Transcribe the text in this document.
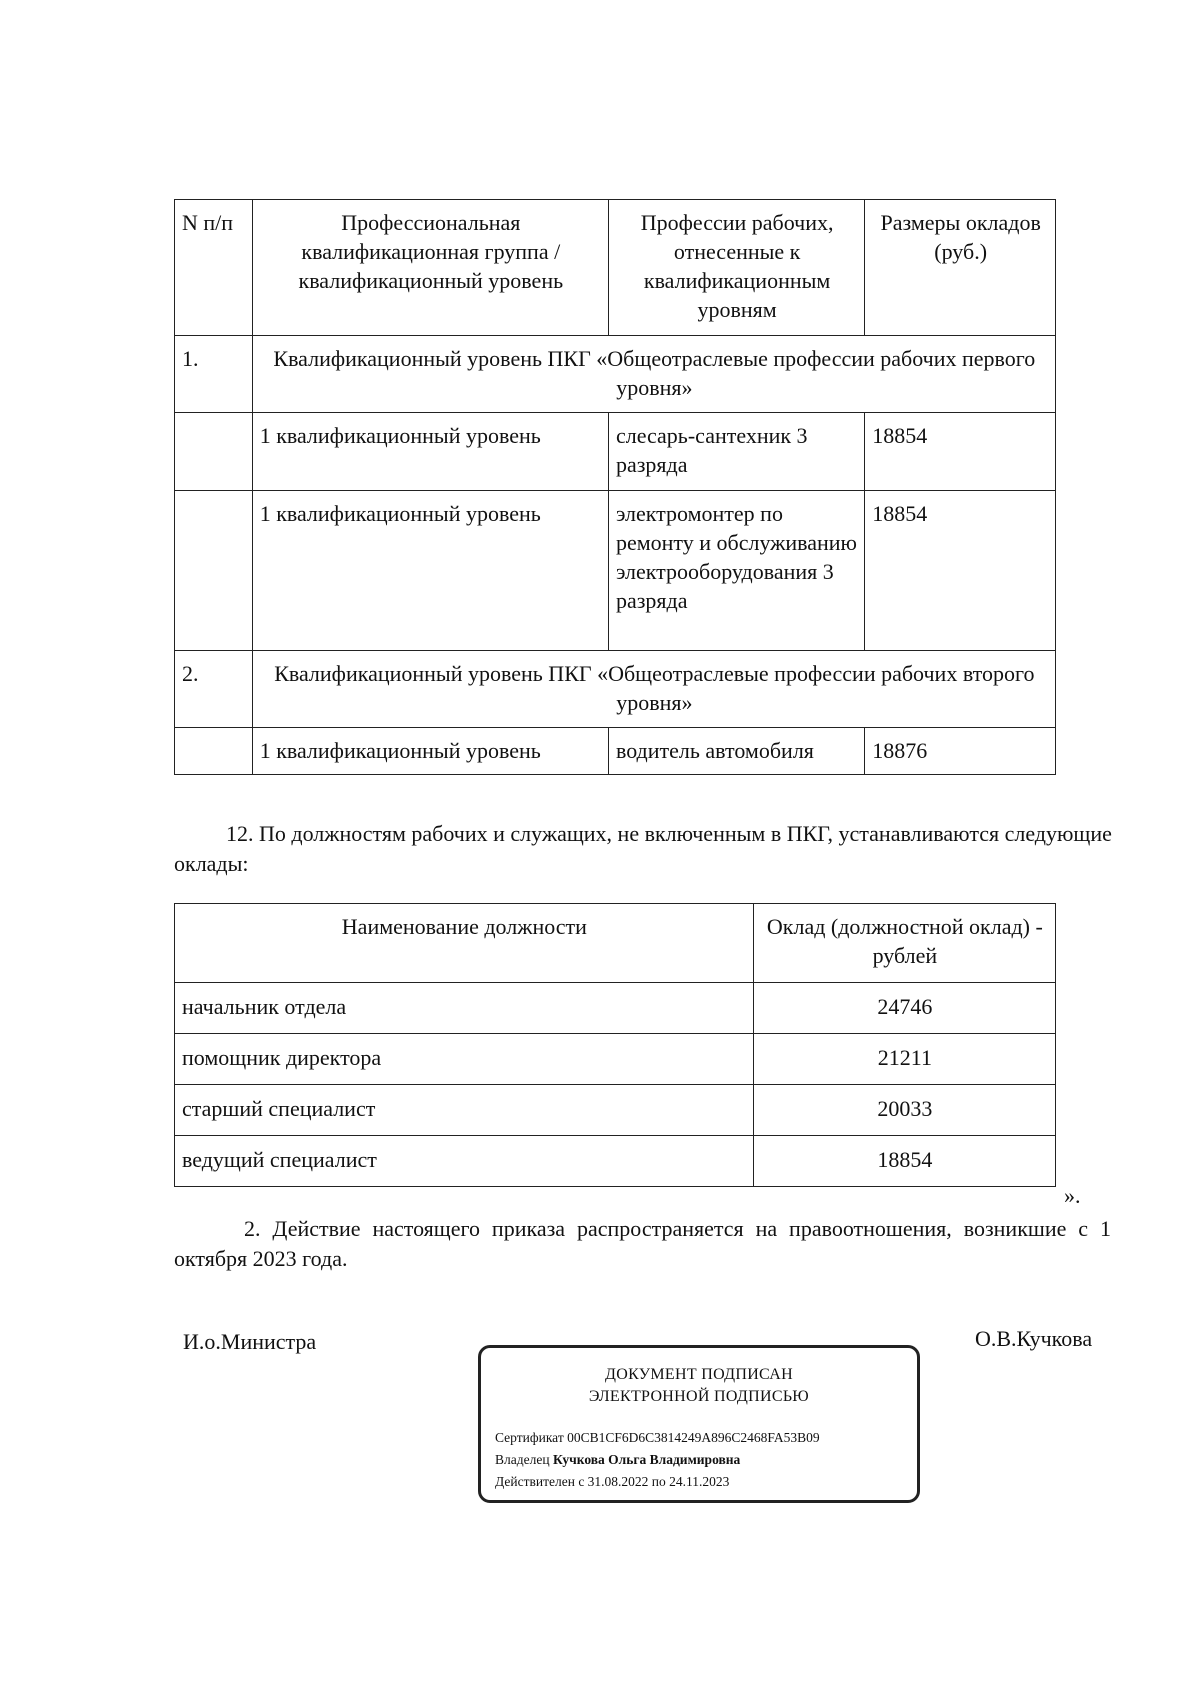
N п/п	Профессиональная квалификационная группа / квалификационный уровень	Профессии рабочих, отнесенные к квалификационным уровням	Размеры окладов (руб.)
1.	Квалификационный уровень ПКГ «Общеотраслевые профессии рабочих первого уровня»		
	1 квалификационный уровень	слесарь-сантехник 3 разряда	18854
	1 квалификационный уровень	электромонтер по ремонту и обслуживанию электрооборудования 3 разряда	18854
2.	Квалификационный уровень ПКГ «Общеотраслевые профессии рабочих второго уровня»		
	1 квалификационный уровень	водитель автомобиля	18876
12. По должностям рабочих и служащих, не включенным в ПКГ, устанавливаются следующие оклады:
Наименование должности	Оклад (должностной оклад) - рублей
начальник отдела	24746
помощник директора	21211
старший специалист	20033
ведущий специалист	18854
».
2. Действие настоящего приказа распространяется на правоотношения, возникшие с 1 октября 2023 года.
И.о.Министра	О.В.Кучкова
ДОКУМЕНТ ПОДПИСАН
ЭЛЕКТРОННОЙ ПОДПИСЬЮ
Сертификат 00CB1CF6D6C3814249A896C2468FA53B09
Владелец Кучкова Ольга Владимировна
Действителен с 31.08.2022 по 24.11.2023
